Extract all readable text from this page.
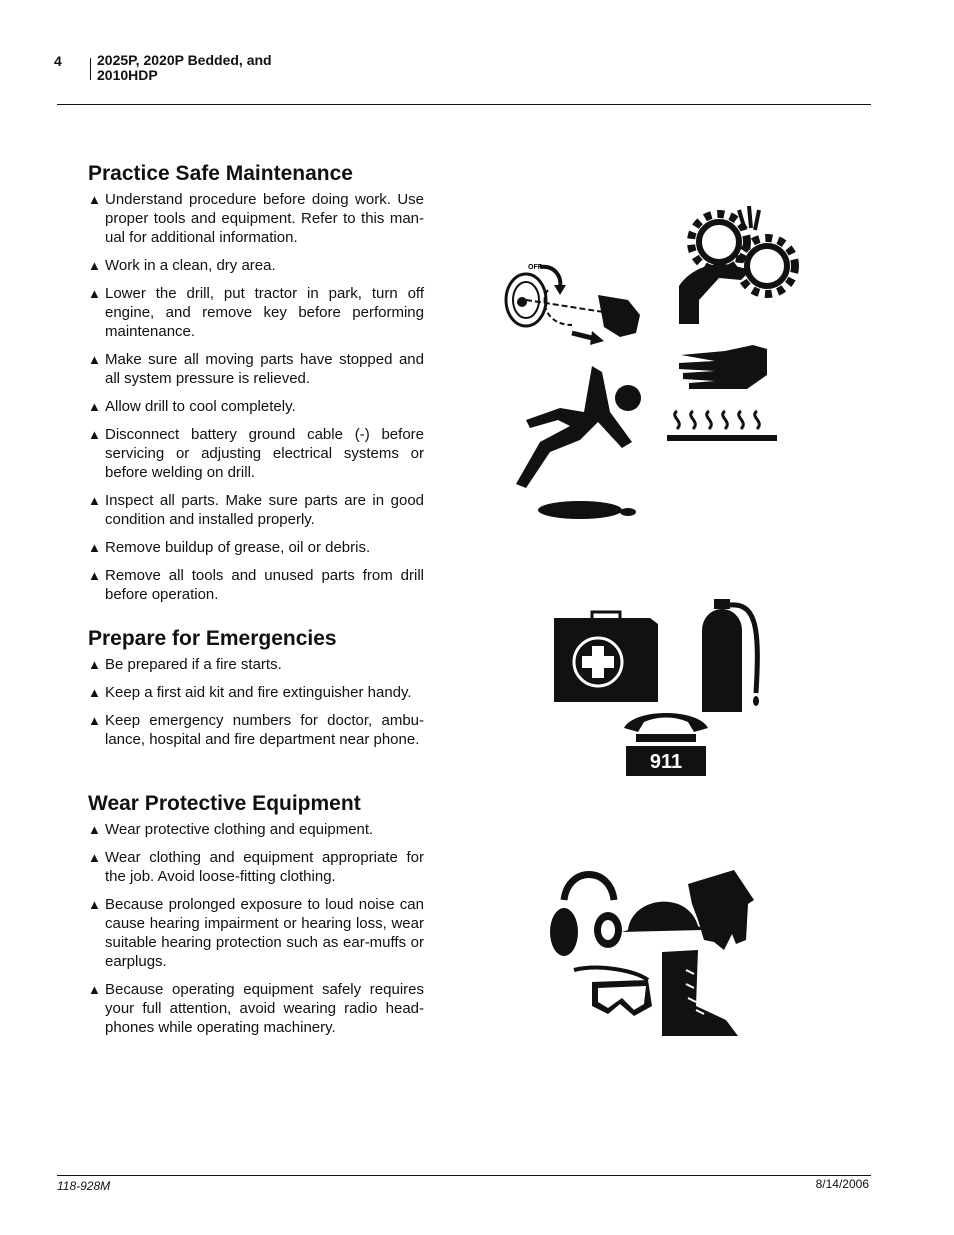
4	2025P, 2020P Bedded, and
2010HDP
Practice Safe Maintenance
▲ Understand procedure before doing work. Use proper tools and equipment. Refer to this man-ual for additional information.
▲ Work in a clean, dry area.
▲ Lower the drill, put tractor in park, turn off engine, and remove key before performing maintenance.
▲ Make sure all moving parts have stopped and all system pressure is relieved.
▲ Allow drill to cool completely.
▲ Disconnect battery ground cable (-) before servicing or adjusting electrical systems or before welding on drill.
▲ Inspect all parts. Make sure parts are in good condition and installed properly.
▲ Remove buildup of grease, oil or debris.
▲ Remove all tools and unused parts from drill before operation.
Prepare for Emergencies
▲ Be prepared if a fire starts.
▲ Keep a first aid kit and fire extinguisher handy.
▲ Keep emergency numbers for doctor, ambu-lance, hospital and fire department near phone.
Wear Protective Equipment
▲ Wear protective clothing and equipment.
▲ Wear clothing and equipment appropriate for the job. Avoid loose-fitting clothing.
▲ Because prolonged exposure to loud noise can cause hearing impairment or hearing loss, wear suitable hearing protection such as ear-muffs or earplugs.
▲ Because operating equipment safely requires your full attention, avoid wearing radio head-phones while operating machinery.
OFF
911
118-928M	8/14/2006
